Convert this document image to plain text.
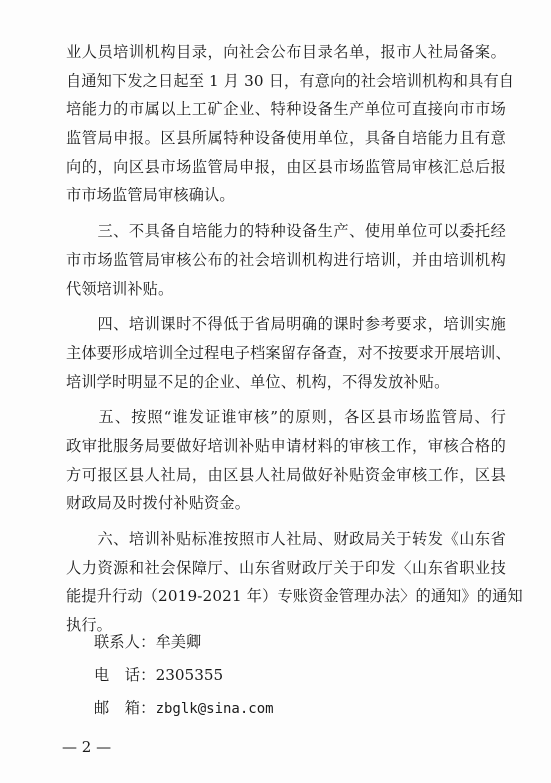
业人员培训机构目录，向社会公布目录名单，报市人社局备案。
自通知下发之日起至 1 月 30 日，有意向的社会培训机构和具有自
培能力的市属以上工矿企业、特种设备生产单位可直接向市市场
监管局申报。区县所属特种设备使用单位，具备自培能力且有意
向的，向区县市场监管局申报，由区县市场监管局审核汇总后报
市市场监管局审核确认。
　　三、不具备自培能力的特种设备生产、使用单位可以委托经
市市场监管局审核公布的社会培训机构进行培训，并由培训机构
代领培训补贴。
　　四、培训课时不得低于省局明确的课时参考要求，培训实施
主体要形成培训全过程电子档案留存备查，对不按要求开展培训、
培训学时明显不足的企业、单位、机构，不得发放补贴。
　　五、按照“谁发证谁审核”的原则，各区县市场监管局、行
政审批服务局要做好培训补贴申请材料的审核工作，审核合格的
方可报区县人社局，由区县人社局做好补贴资金审核工作，区县
财政局及时拨付补贴资金。
　　六、培训补贴标准按照市人社局、财政局关于转发《山东省
人力资源和社会保障厅、山东省财政厅关于印发〈山东省职业技
能提升行动（2019-2021 年）专账资金管理办法〉的通知》的通知
执行。
联系人：牟美卿
电　话：2305355
邮　箱：zbglk@sina.com
— 2 —
